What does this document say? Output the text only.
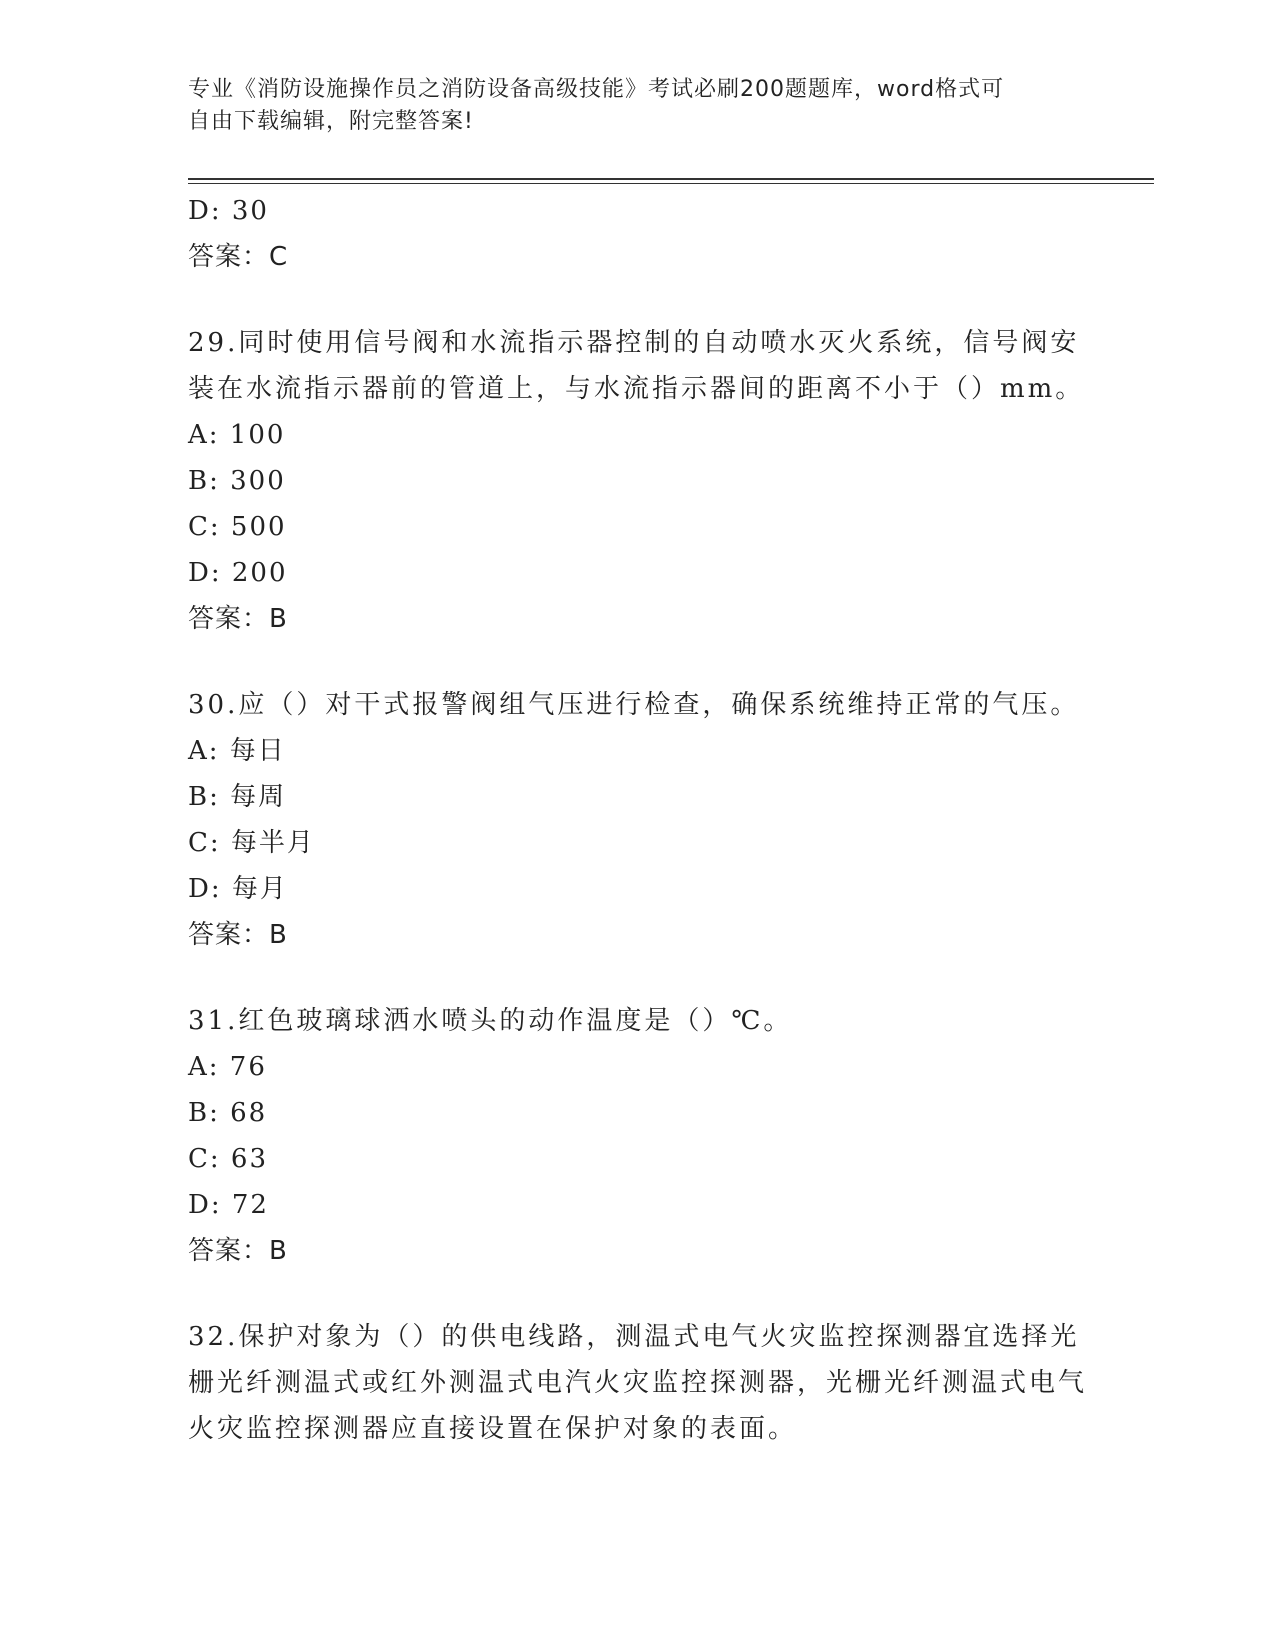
专业《消防设施操作员之消防设备高级技能》考试必刷200题题库，word格式可
自由下载编辑，附完整答案!
D: 30
答案：C
29.同时使用信号阀和水流指示器控制的自动喷水灭火系统，信号阀安装在水流指示器前的管道上，与水流指示器间的距离不小于（）mm。
A: 100
B: 300
C: 500
D: 200
答案：B
30.应（）对干式报警阀组气压进行检查，确保系统维持正常的气压。
A: 每日
B: 每周
C: 每半月
D: 每月
答案：B
31.红色玻璃球洒水喷头的动作温度是（）℃。
A: 76
B: 68
C: 63
D: 72
答案：B
32.保护对象为（）的供电线路，测温式电气火灾监控探测器宜选择光栅光纤测温式或红外测温式电汽火灾监控探测器，光栅光纤测温式电气火灾监控探测器应直接设置在保护对象的表面。
